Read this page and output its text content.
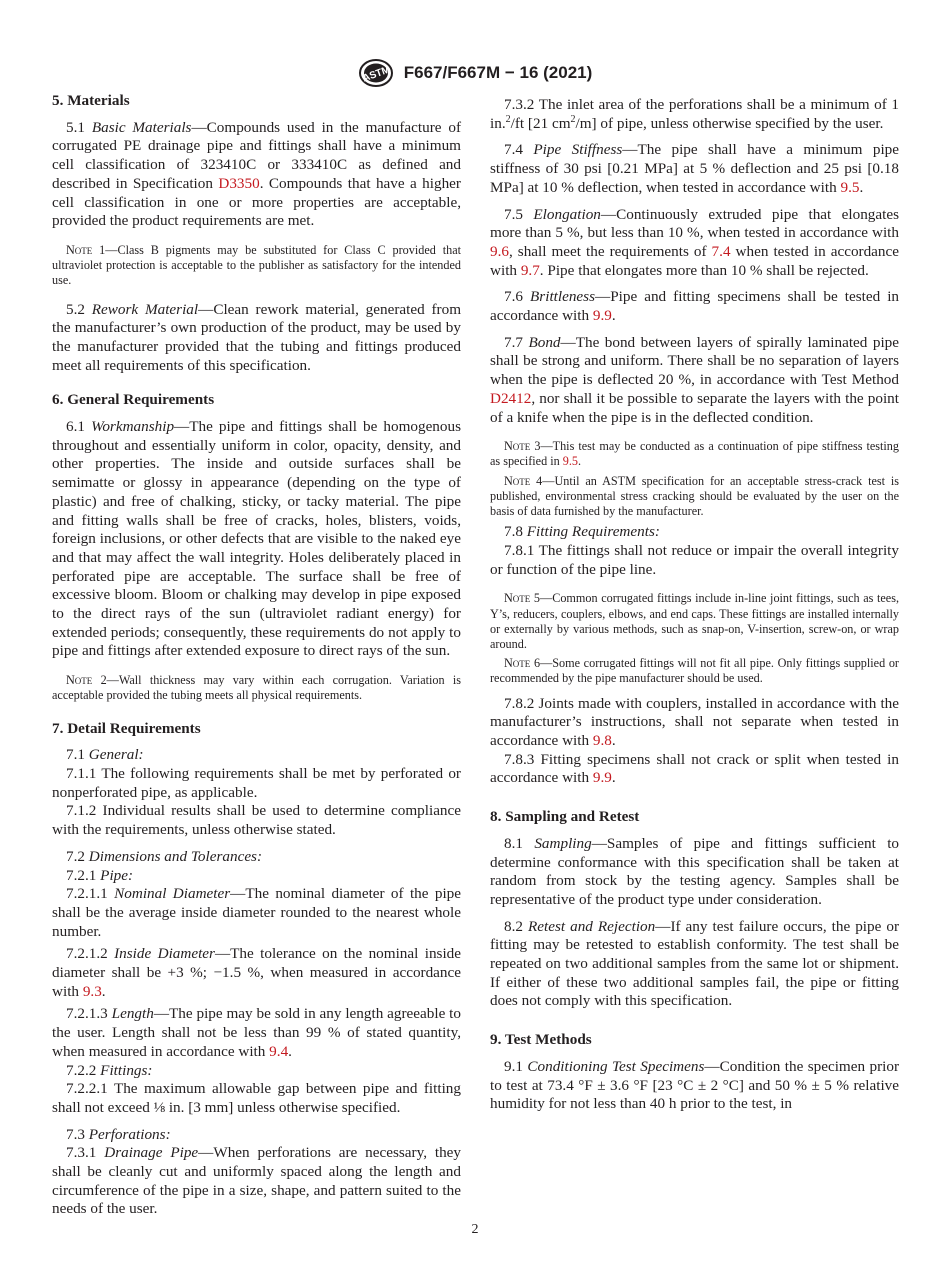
ASTM F667/F667M − 16 (2021)
5. Materials

5.1 Basic Materials—Compounds used in the manufacture of corrugated PE drainage pipe and fittings shall have a minimum cell classification of 323410C or 333410C as defined and described in Specification D3350. Compounds that have a higher cell classification in one or more properties are acceptable, provided the product requirements are met.

Note 1—Class B pigments may be substituted for Class C provided that ultraviolet protection is acceptable to the publisher as satisfactory for the intended use.

5.2 Rework Material—Clean rework material, generated from the manufacturer’s own production of the product, may be used by the manufacturer provided that the tubing and fittings produced meet all requirements of this specification.

6. General Requirements

6.1 Workmanship—The pipe and fittings shall be homogenous throughout and essentially uniform in color, opacity, density, and other properties. The inside and outside surfaces shall be semimatte or glossy in appearance (depending on the type of plastic) and free of chalking, sticky, or tacky material. The pipe and fitting walls shall be free of cracks, holes, blisters, voids, foreign inclusions, or other defects that are visible to the naked eye and that may affect the wall integrity. Holes deliberately placed in perforated pipe are acceptable. The surface shall be free of excessive bloom. Bloom or chalking may develop in pipe exposed to the direct rays of the sun (ultraviolet radiant energy) for extended periods; consequently, these requirements do not apply to pipe and fittings after extended exposure to direct rays of the sun.

Note 2—Wall thickness may vary within each corrugation. Variation is acceptable provided the tubing meets all physical requirements.

7. Detail Requirements

7.1 General:

7.1.1 The following requirements shall be met by perforated or nonperforated pipe, as applicable.

7.1.2 Individual results shall be used to determine compliance with the requirements, unless otherwise stated.

7.2 Dimensions and Tolerances:

7.2.1 Pipe:

7.2.1.1 Nominal Diameter—The nominal diameter of the pipe shall be the average inside diameter rounded to the nearest whole number.

7.2.1.2 Inside Diameter—The tolerance on the nominal inside diameter shall be +3 %; −1.5 %, when measured in accordance with 9.3.

7.2.1.3 Length—The pipe may be sold in any length agreeable to the user. Length shall not be less than 99 % of stated quantity, when measured in accordance with 9.4.

7.2.2 Fittings:

7.2.2.1 The maximum allowable gap between pipe and fitting shall not exceed ⅛ in. [3 mm] unless otherwise specified.

7.3 Perforations:

7.3.1 Drainage Pipe—When perforations are necessary, they shall be cleanly cut and uniformly spaced along the length and circumference of the pipe in a size, shape, and pattern suited to the needs of the user.

7.3.2 The inlet area of the perforations shall be a minimum of 1 in.$^2$/ft [21 $cm^2/m$] of pipe, unless otherwise specified by the user.

7.4 Pipe Stiffness—The pipe shall have a minimum pipe stiffness of 30 psi [0.21 MPa] at 5 % deflection and 25 psi [0.18 MPa] at 10 % deflection, when tested in accordance with 9.5.

7.5 Elongation—Continuously extruded pipe that elongates more than 5 %, but less than 10 %, when tested in accordance with 9.6, shall meet the requirements of 7.4 when tested in accordance with 9.7. Pipe that elongates more than 10 % shall be rejected.

7.6 Brittleness—Pipe and fitting specimens shall be tested in accordance with 9.9.

7.7 Bond—The bond between layers of spirally laminated pipe shall be strong and uniform. There shall be no separation of layers when the pipe is deflected 20 %, in accordance with Test Method D2412, nor shall it be possible to separate the layers with the point of a knife when the pipe is in the deflected condition.

Note 3—This test may be conducted as a continuation of pipe stiffness testing as specified in 9.5.

Note 4—Until an ASTM specification for an acceptable stress-crack test is published, environmental stress cracking should be evaluated by the user on the basis of data furnished by the manufacturer.

7.8 Fitting Requirements:

7.8.1 The fittings shall not reduce or impair the overall integrity or function of the pipe line.

Note 5—Common corrugated fittings include in-line joint fittings, such as tees, Y’s, reducers, couplers, elbows, and end caps. These fittings are installed internally or externally by various methods, such as snap-on, V-insertion, screw-on, or wrap around.

Note 6—Some corrugated fittings will not fit all pipe. Only fittings supplied or recommended by the pipe manufacturer should be used.

7.8.2 Joints made with couplers, installed in accordance with the manufacturer’s instructions, shall not separate when tested in accordance with 9.8.

7.8.3 Fitting specimens shall not crack or split when tested in accordance with 9.9.

8. Sampling and Retest

8.1 Sampling—Samples of pipe and fittings sufficient to determine conformance with this specification shall be taken at random from stock by the testing agency. Samples shall be representative of the product type under consideration.

8.2 Retest and Rejection—If any test failure occurs, the pipe or fitting may be retested to establish conformity. The test shall be repeated on two additional samples from the same lot or shipment. If either of these two additional samples fail, the pipe or fitting does not comply with this specification.

9. Test Methods

9.1 Conditioning Test Specimens—Condition the specimen prior to test at 73.4 °F ± 3.6 °F [23 °C ± 2 °C] and 50 % ± 5 % relative humidity for not less than 40 h prior to the test, in

2
